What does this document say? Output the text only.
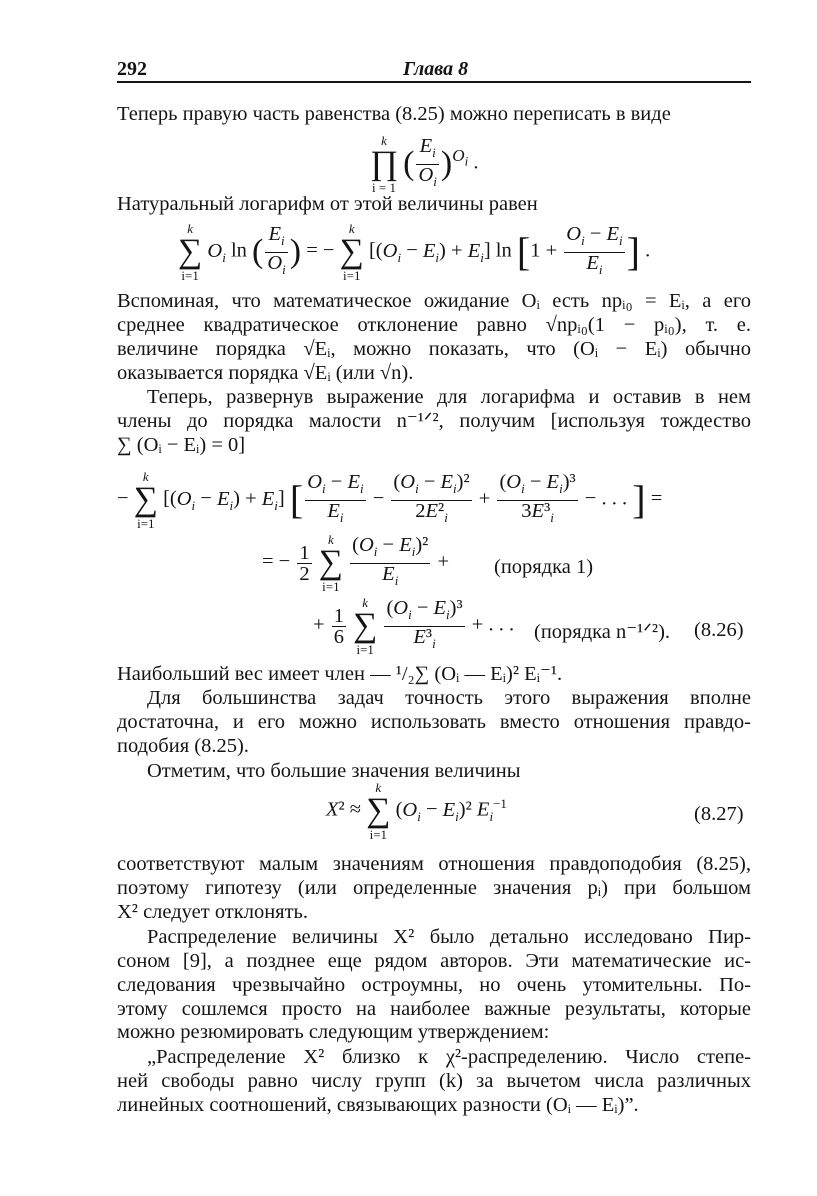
292	Глава 8
Теперь правую часть равенства (8.25) можно переписать в виде
k
∏
i = 1
( $\frac{E_i}{O_i} )^{O_i}$ .
Натуральный логарифм от этой величины равен
k
∑
i=1
$O_i$ ln ( $\frac{E_i}{O_i}$ ) = −
k
∑
i=1
$[(O_i - E_i) + E_i]$ $\ln [1 + \frac{O_i - E_i}{E_i}$ ] .
Вспоминая, что математическое ожидание Oᵢ есть npᵢ₀ = Eᵢ, а его
среднее квадратическое отклонение равно √npᵢ₀(1 − pᵢ₀), т. е.
величине порядка √Eᵢ, можно показать, что (Oᵢ − Eᵢ) обычно
оказывается порядка √Eᵢ (или √n).
Теперь, развернув выражение для логарифма и оставив в нем
члены до порядка малости n⁻¹ᐟ², получим [используя тождество
∑ (Oᵢ − Eᵢ) = 0]
−
k
∑
i=1
$[(O_i - E_i) + E_i]$ [ $\frac{O_i - E_i}{E_i} - \frac{(O_i - E_i)^2}{2E^2_i} + \frac{(O_i - E_i)^3}{3E^3_i}$ − . . . ] =
= − $\frac{1}{2}$

k
∑
i=1
$\frac{(O_i - E_i)^2}{E_i}$ + (порядка 1)
+ $\frac{1}{6}$

k
∑
i=1
$\frac{(O_i - E_i)^3}{E^3_i}$ + . . . (порядка n⁻¹ᐟ²). (8.26)
Наибольший вес имеет член — ¹/₂∑ (Oᵢ — Eᵢ)² Eᵢ⁻¹.
Для большинства задач точность этого выражения вполне
достаточна, и его можно использовать вместо отношения правдо-
подобия (8.25).
Отметим, что большие значения величины
X² ≈
k
∑
i=1
$(O_i - E_i)^2$ $E_i^{-1}$	(8.27)
соответствуют малым значениям отношения правдоподобия (8.25),
поэтому гипотезу (или определенные значения pᵢ) при большом
X² следует отклонять.
Распределение величины X² было детально исследовано Пир-
соном [9], а позднее еще рядом авторов. Эти математические ис-
следования чрезвычайно остроумны, но очень утомительны. По-
этому сошлемся просто на наиболее важные результаты, которые
можно резюмировать следующим утверждением:
„Распределение X² близко к χ²-распределению. Число степе-
ней свободы равно числу групп (k) за вычетом числа различных
линейных соотношений, связывающих разности (Oᵢ — Eᵢ)”.
